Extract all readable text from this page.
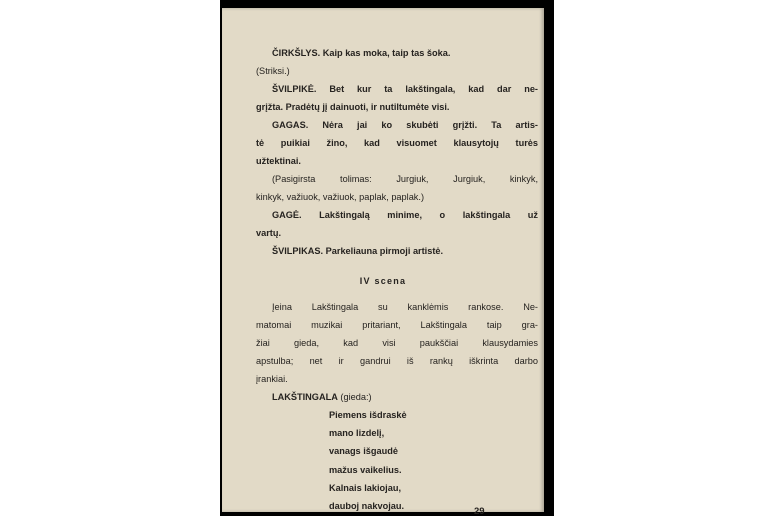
ČIRKŠLYS. Kaip kas moka, taip tas šoka.

(Striksi.)

ŠVILPIKĖ. Bet kur ta lakštingala, kad dar ne-

grįžta. Pradėtų jį dainuoti, ir nutiltumėte visi.

GAGAS. Nėra jai ko skubėti grįžti. Ta artis-

tė puikiai žino, kad visuomet klausytojų turės

užtektinai.

(Pasigirsta tolimas: Jurgiuk, Jurgiuk, kinkyk,

kinkyk, važiuok, važiuok, paplak, paplak.)

GAGĖ. Lakštingalą minime, o lakštingala už

vartų.

ŠVILPIKAS. Parkeliauna pirmoji artistė.

IV scena

Įeina Lakštingala su kanklėmis rankose. Ne-

matomai muzikai pritariant, Lakštingala taip gra-

žiai gieda, kad visi paukščiai klausydamies

apstulba; net ir gandrui iš rankų iškrinta darbo

įrankiai.

LAKŠTINGALA (gieda:)

Piemens išdraskė
mano lizdelį,
vanags išgaudė
mažus vaikelius.
Kalnais lakiojau,
dauboj nakvojau.	29
